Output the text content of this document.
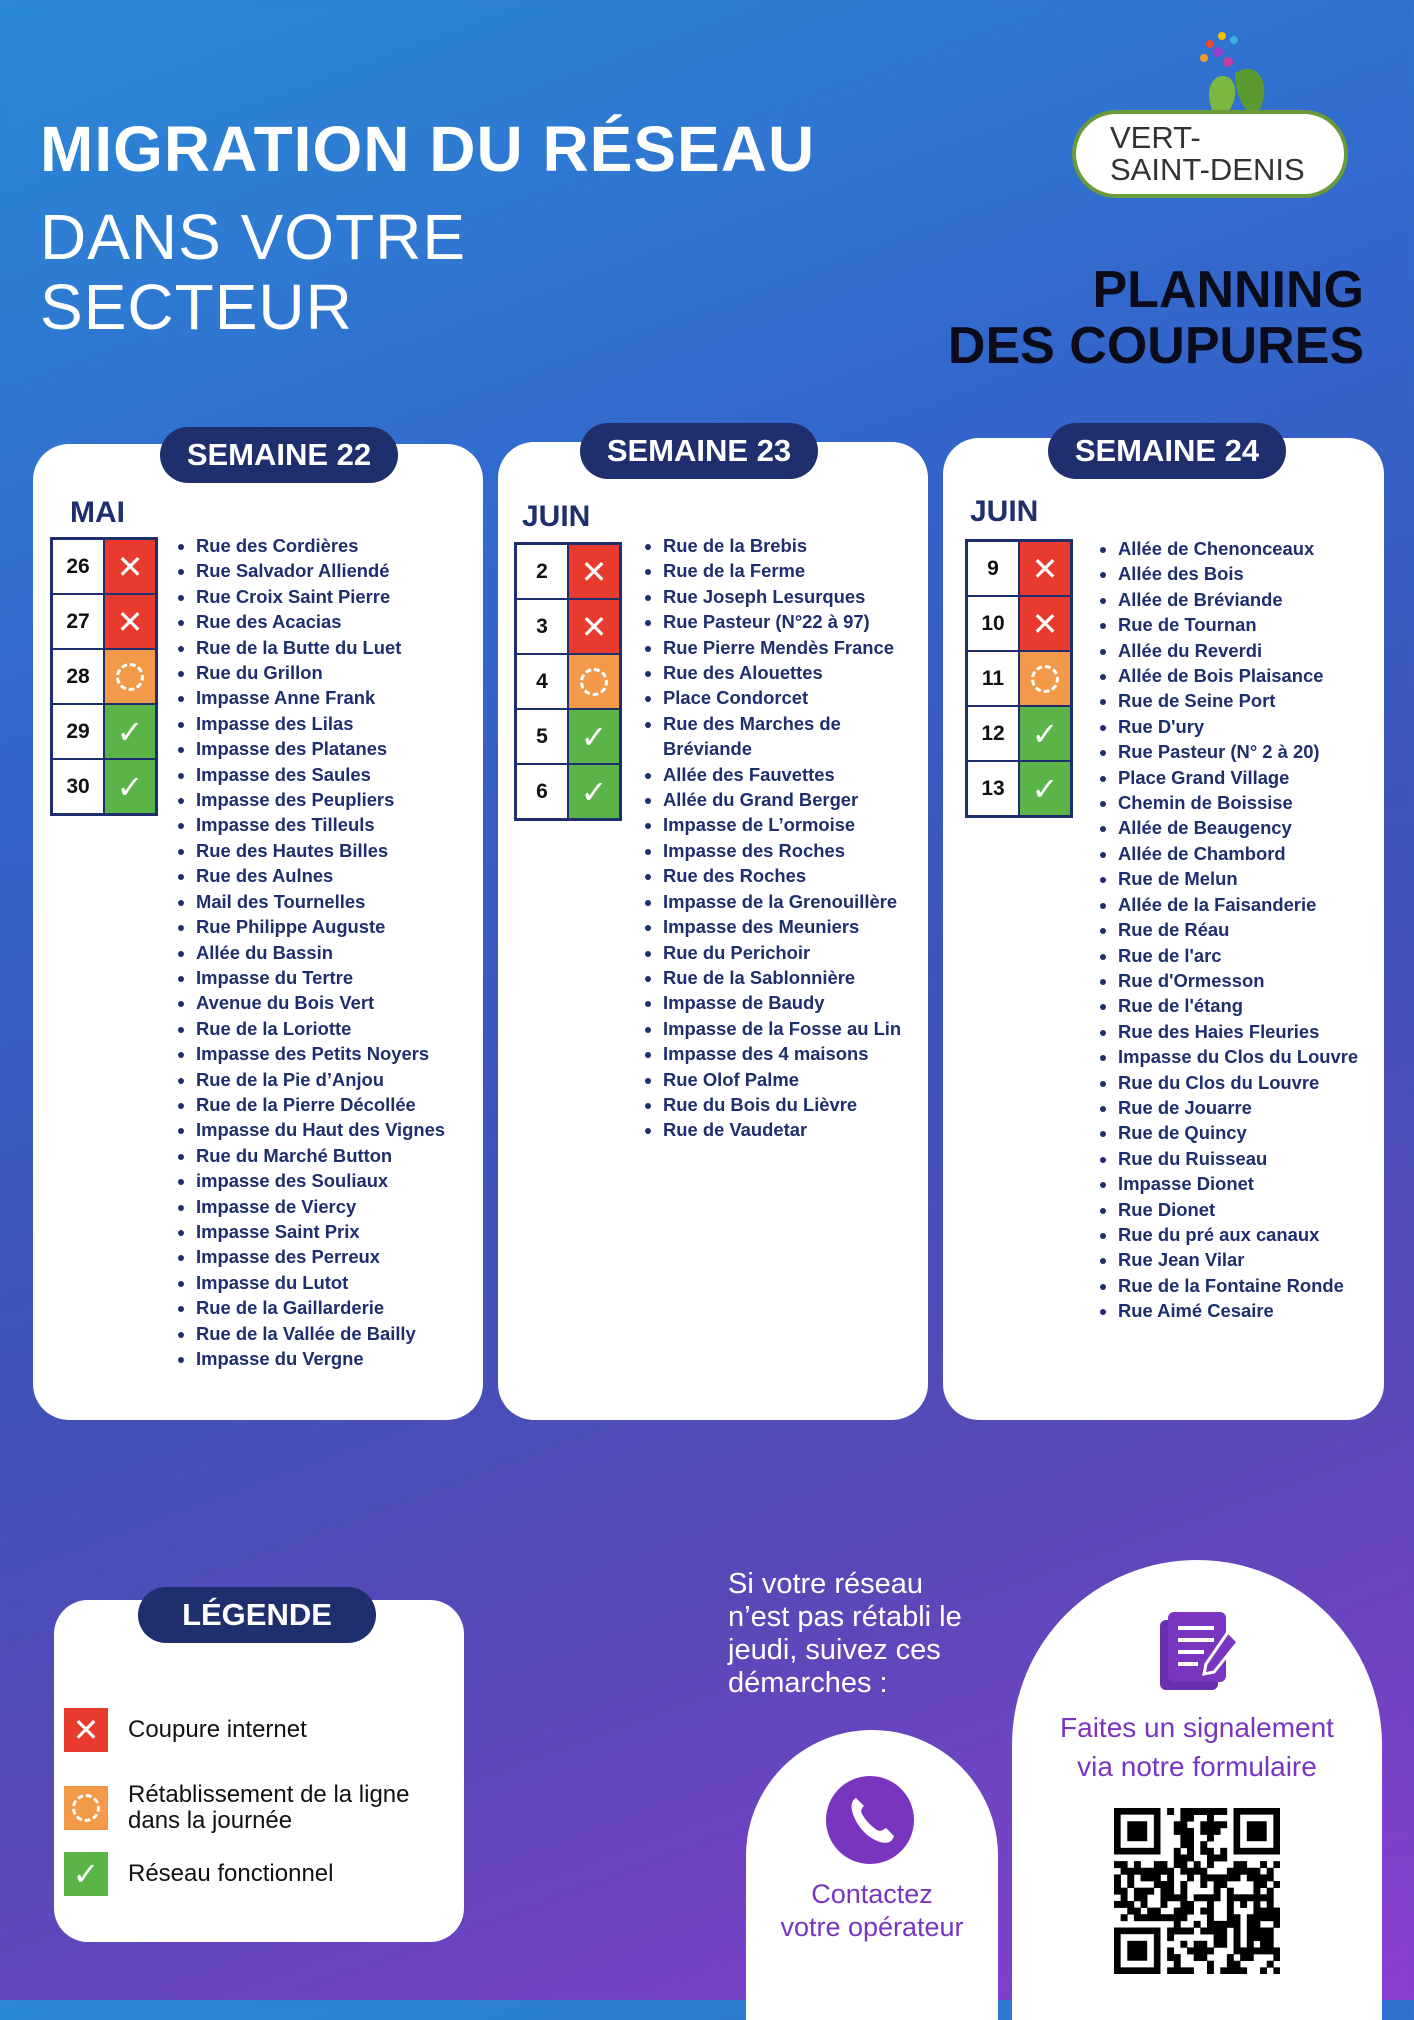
MIGRATION DU RÉSEAU
DANS VOTRE
SECTEUR
VERT-
SAINT-DENIS
PLANNING
DES COUPURES
SEMAINE 22	SEMAINE 23	SEMAINE 24
MAI	JUIN	JUIN
26 ✕
27 ✕
28
29 ✓
30 ✓
2	✕
3	✕
4
5	✓
6	✓
9	✕
10 ✕
11
12 ✓
13 ✓
• Rue des Cordières
• Rue Salvador Alliendé
• Rue Croix Saint Pierre
• Rue des Acacias
• Rue de la Butte du Luet
• Rue du Grillon
• Impasse Anne Frank
• Impasse des Lilas
• Impasse des Platanes
• Impasse des Saules
• Impasse des Peupliers
• Impasse des Tilleuls
• Rue des Hautes Billes
• Rue des Aulnes
• Mail des Tournelles
• Rue Philippe Auguste
• Allée du Bassin
• Impasse du Tertre
• Avenue du Bois Vert
• Rue de la Loriotte
• Impasse des Petits Noyers
• Rue de la Pie d’Anjou
• Rue de la Pierre Décollée
• Impasse du Haut des Vignes
• Rue du Marché Button
• impasse des Souliaux
• Impasse de Viercy
• Impasse Saint Prix
• Impasse des Perreux
• Impasse du Lutot
• Rue de la Gaillarderie
• Rue de la Vallée de Bailly
• Impasse du Vergne
• Rue de la Brebis
• Rue de la Ferme
• Rue Joseph Lesurques
• Rue Pasteur (N°22 à 97)
• Rue Pierre Mendès France
• Rue des Alouettes
• Place Condorcet
• Rue des Marches de
Bréviande
• Allée des Fauvettes
• Allée du Grand Berger
• Impasse de L’ormoise
• Impasse des Roches
• Rue des Roches
• Impasse de la Grenouillère
• Impasse des Meuniers
• Rue du Perichoir
• Rue de la Sablonnière
• Impasse de Baudy
• Impasse de la Fosse au Lin
• Impasse des 4 maisons
• Rue Olof Palme
• Rue du Bois du Lièvre
• Rue de Vaudetar
• Allée de Chenonceaux
• Allée des Bois
• Allée de Bréviande
• Rue de Tournan
• Allée du Reverdi
• Allée de Bois Plaisance
• Rue de Seine Port
• Rue D'ury
• Rue Pasteur (N° 2 à 20)
• Place Grand Village
• Chemin de Boissise
• Allée de Beaugency
• Allée de Chambord
• Rue de Melun
• Allée de la Faisanderie
• Rue de Réau
• Rue de l'arc
• Rue d'Ormesson
• Rue de l'étang
• Rue des Haies Fleuries
• Impasse du Clos du Louvre
• Rue du Clos du Louvre
• Rue de Jouarre
• Rue de Quincy
• Rue du Ruisseau
• Impasse Dionet
• Rue Dionet
• Rue du pré aux canaux
• Rue Jean Vilar
• Rue de la Fontaine Ronde
• Rue Aimé Cesaire
✕ Coupure internet
Rétablissement de la ligne
dans la journée
✓ Réseau fonctionnel
LÉGENDE
Si votre réseau
n’est pas rétabli le
jeudi, suivez ces
démarches :
Contactez
votre opérateur
Faites un signalement
via notre formulaire
